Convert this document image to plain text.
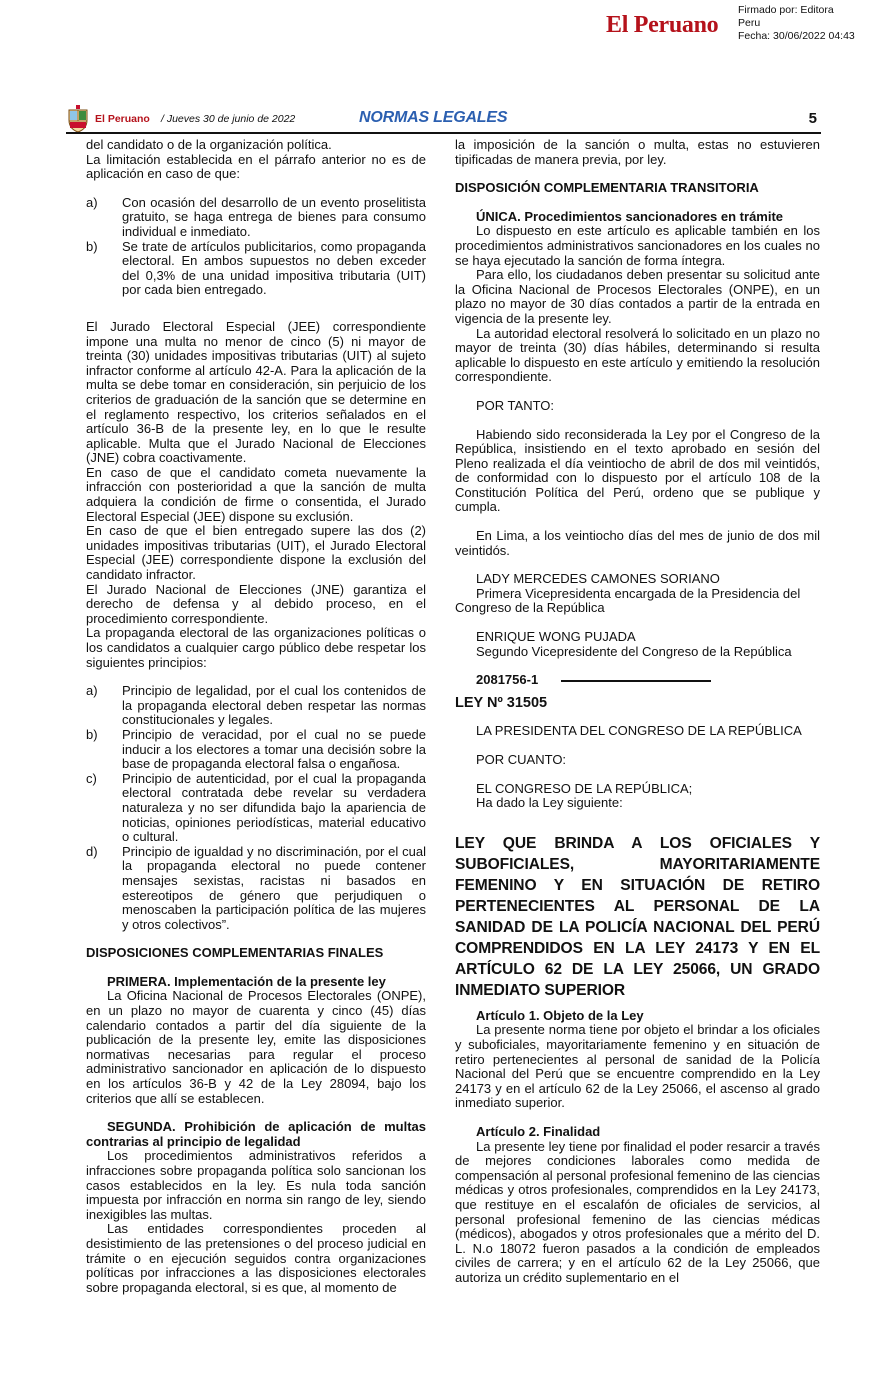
El Peruano
Firmado por: Editora
Peru
Fecha: 30/06/2022 04:43
El Peruano / Jueves 30 de junio de 2022	NORMAS LEGALES	5

del candidato o de la organización política.

La limitación establecida en el párrafo anterior no es de aplicación en caso de que:

a)	Con ocasión del desarrollo de un evento proselitista gratuito, se haga entrega de bienes para consumo individual e inmediato.
b)	Se trate de artículos publicitarios, como propaganda electoral. En ambos supuestos no deben exceder del 0,3% de una unidad impositiva tributaria (UIT) por cada bien entregado.

El Jurado Electoral Especial (JEE) correspondiente impone una multa no menor de cinco (5) ni mayor de treinta (30) unidades impositivas tributarias (UIT) al sujeto infractor conforme al artículo 42-A. Para la aplicación de la multa se debe tomar en consideración, sin perjuicio de los criterios de graduación de la sanción que se determine en el reglamento respectivo, los criterios señalados en el artículo 36-B de la presente ley, en lo que le resulte aplicable. Multa que el Jurado Nacional de Elecciones (JNE) cobra coactivamente.

En caso de que el candidato cometa nuevamente la infracción con posterioridad a que la sanción de multa adquiera la condición de firme o consentida, el Jurado Electoral Especial (JEE) dispone su exclusión.

En caso de que el bien entregado supere las dos (2) unidades impositivas tributarias (UIT), el Jurado Electoral Especial (JEE) correspondiente dispone la exclusión del candidato infractor.

El Jurado Nacional de Elecciones (JNE) garantiza el derecho de defensa y al debido proceso, en el procedimiento correspondiente.

La propaganda electoral de las organizaciones políticas o los candidatos a cualquier cargo público debe respetar los siguientes principios:

a)	Principio de legalidad, por el cual los contenidos de la propaganda electoral deben respetar las normas constitucionales y legales.
b)	Principio de veracidad, por el cual no se puede inducir a los electores a tomar una decisión sobre la base de propaganda electoral falsa o engañosa.
c)	Principio de autenticidad, por el cual la propaganda electoral contratada debe revelar su verdadera naturaleza y no ser difundida bajo la apariencia de noticias, opiniones periodísticas, material educativo o cultural.
d)	Principio de igualdad y no discriminación, por el cual la propaganda electoral no puede contener mensajes sexistas, racistas ni basados en estereotipos de género que perjudiquen o menoscaben la participación política de las mujeres y otros colectivos”.

DISPOSICIONES COMPLEMENTARIAS FINALES

PRIMERA. Implementación de la presente ley

La Oficina Nacional de Procesos Electorales (ONPE), en un plazo no mayor de cuarenta y cinco (45) días calendario contados a partir del día siguiente de la publicación de la presente ley, emite las disposiciones normativas necesarias para regular el proceso administrativo sancionador en aplicación de lo dispuesto en los artículos 36-B y 42 de la Ley 28094, bajo los criterios que allí se establecen.

SEGUNDA. Prohibición de aplicación de multas contrarias al principio de legalidad

Los procedimientos administrativos referidos a infracciones sobre propaganda política solo sancionan los casos establecidos en la ley. Es nula toda sanción impuesta por infracción en norma sin rango de ley, siendo inexigibles las multas.

Las entidades correspondientes proceden al desistimiento de las pretensiones o del proceso judicial en trámite o en ejecución seguidos contra organizaciones políticas por infracciones a las disposiciones electorales sobre propaganda electoral, si es que, al momento de

la imposición de la sanción o multa, estas no estuvieren tipificadas de manera previa, por ley.

DISPOSICIÓN COMPLEMENTARIA TRANSITORIA

ÚNICA. Procedimientos sancionadores en trámite

Lo dispuesto en este artículo es aplicable también en los procedimientos administrativos sancionadores en los cuales no se haya ejecutado la sanción de forma íntegra.

Para ello, los ciudadanos deben presentar su solicitud ante la Oficina Nacional de Procesos Electorales (ONPE), en un plazo no mayor de 30 días contados a partir de la entrada en vigencia de la presente ley.

La autoridad electoral resolverá lo solicitado en un plazo no mayor de treinta (30) días hábiles, determinando si resulta aplicable lo dispuesto en este artículo y emitiendo la resolución correspondiente.

POR TANTO:

Habiendo sido reconsiderada la Ley por el Congreso de la República, insistiendo en el texto aprobado en sesión del Pleno realizada el día veintiocho de abril de dos mil veintidós, de conformidad con lo dispuesto por el artículo 108 de la Constitución Política del Perú, ordeno que se publique y cumpla.

En Lima, a los veintiocho días del mes de junio de dos mil veintidós.

LADY MERCEDES CAMONES SORIANO

Primera Vicepresidenta encargada de la Presidencia del Congreso de la República

ENRIQUE WONG PUJADA

Segundo Vicepresidente del Congreso de la República

2081756-1

LEY Nº 31505

LA PRESIDENTA DEL CONGRESO DE LA REPÚBLICA

POR CUANTO:

EL CONGRESO DE LA REPÚBLICA;

Ha dado la Ley siguiente:

LEY QUE BRINDA A LOS OFICIALES Y SUBOFICIALES, MAYORITARIAMENTE FEMENINO Y EN SITUACIÓN DE RETIRO PERTENECIENTES AL PERSONAL DE LA SANIDAD DE LA POLICÍA NACIONAL DEL PERÚ COMPRENDIDOS EN LA LEY 24173 Y EN EL ARTÍCULO 62 DE LA LEY 25066, UN GRADO INMEDIATO SUPERIOR

Artículo 1. Objeto de la Ley

La presente norma tiene por objeto el brindar a los oficiales y suboficiales, mayoritariamente femenino y en situación de retiro pertenecientes al personal de sanidad de la Policía Nacional del Perú que se encuentre comprendido en la Ley 24173 y en el artículo 62 de la Ley 25066, el ascenso al grado inmediato superior.

Artículo 2. Finalidad

La presente ley tiene por finalidad el poder resarcir a través de mejores condiciones laborales como medida de compensación al personal profesional femenino de las ciencias médicas y otros profesionales, comprendidos en la Ley 24173, que restituye en el escalafón de oficiales de servicios, al personal profesional femenino de las ciencias médicas (médicos), abogados y otros profesionales que a mérito del D. L. N.o 18072 fueron pasados a la condición de empleados civiles de carrera; y en el artículo 62 de la Ley 25066, que autoriza un crédito suplementario en el
